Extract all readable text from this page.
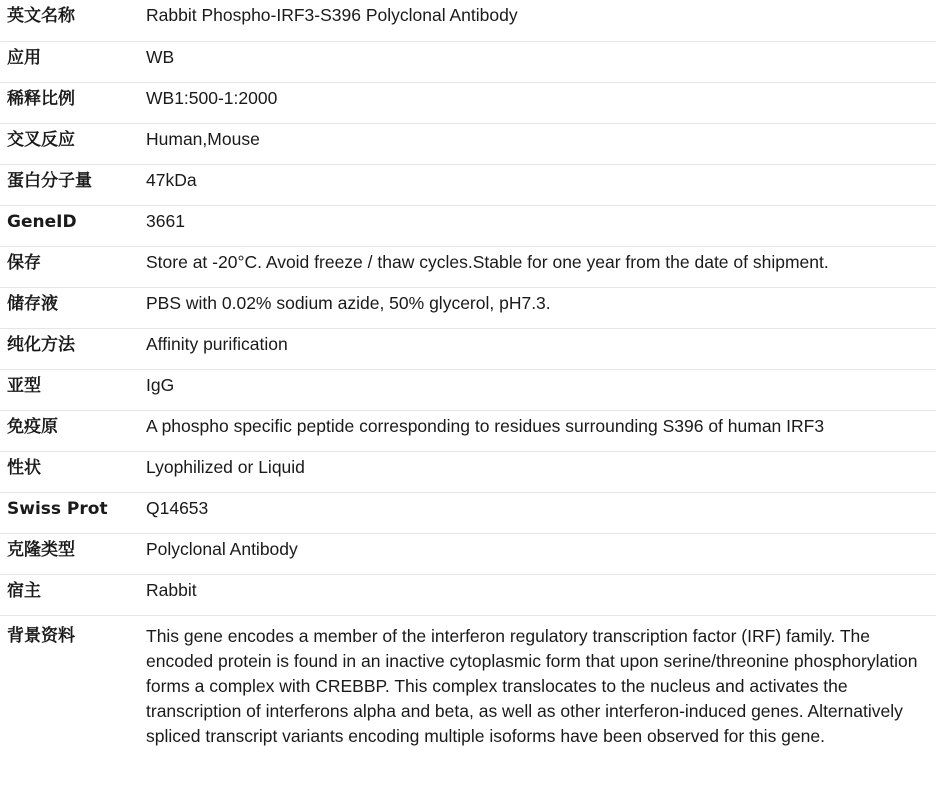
英文名称	Rabbit Phospho-IRF3-S396 Polyclonal Antibody
应用	WB
稀释比例	WB1:500-1:2000
交叉反应	Human,Mouse
蛋白分子量	47kDa
GeneID	3661
保存	Store at -20°C. Avoid freeze / thaw cycles.Stable for one year from the date of shipment.
储存液	PBS with 0.02% sodium azide, 50% glycerol, pH7.3.
纯化方法	Affinity purification
亚型	IgG
免疫原	A phospho specific peptide corresponding to residues surrounding S396 of human IRF3
性状	Lyophilized or Liquid
Swiss Prot	Q14653
克隆类型	Polyclonal Antibody
宿主	Rabbit
背景资料	This gene encodes a member of the interferon regulatory transcription factor (IRF) family. The encoded protein is found in an inactive cytoplasmic form that upon serine/threonine phosphorylation forms a complex with CREBBP. This complex translocates to the nucleus and activates the transcription of interferons alpha and beta, as well as other interferon-induced genes. Alternatively spliced transcript variants encoding multiple isoforms have been observed for this gene.
